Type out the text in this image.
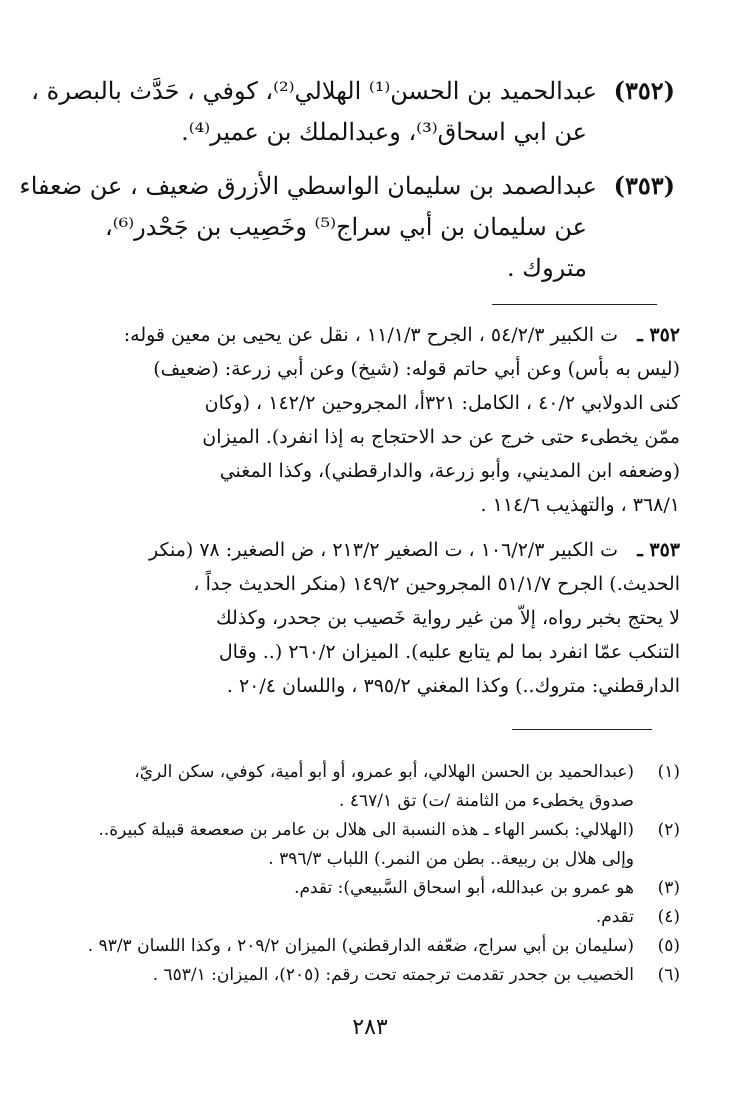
(٣٥٢)عبدالحميد بن الحسن⁽¹⁾ الهلالي⁽²⁾، كوفي ، حَدَّث بالبصرة ،
عن ابي اسحاق⁽³⁾، وعبدالملك بن عمير⁽⁴⁾.
(٣٥٣)عبدالصمد بن سليمان الواسطي الأزرق ضعيف ، عن ضعفاء
عن سليمان بن أبي سراج⁽⁵⁾ وخَصِيب بن جَحْدر⁽⁶⁾،
متروك .
٣٥٢ ـت الكبير ٥٤/٢/٣ ، الجرح ١١/١/٣ ، نقل عن يحيى بن معين قوله:
(ليس به بأس) وعن أبي حاتم قوله: (شيخ) وعن أبي زرعة: (ضعيف)
كنى الدولابي ٤٠/٢ ، الكامل: ٣٢١أ، المجروحين ١٤٢/٢ ، (وكان
ممّن يخطىء حتى خرج عن حد الاحتجاج به إذا انفرد). الميزان
(وضعفه ابن المديني، وأبو زرعة، والدارقطني)، وكذا المغني
٣٦٨/١ ، والتهذيب ١١٤/٦ .
٣٥٣ ـت الكبير ١٠٦/٢/٣ ، ت الصغير ٢١٣/٢ ، ض الصغير: ٧٨ (منكر
الحديث.) الجرح ٥١/١/٧ المجروحين ١٤٩/٢ (منكر الحديث جداً ،
لا يحتج بخبر رواه، إلاّ من غير رواية خَصيب بن جحدر، وكذلك
التنكب عمّا انفرد بما لم يتابع عليه). الميزان ٢٦٠/٢ (.. وقال
الدارقطني: متروك..) وكذا المغني ٣٩٥/٢ ، واللسان ٢٠/٤ .
(١)(عبدالحميد بن الحسن الهلالي، أبو عمرو، أو أبو أمية، كوفي، سكن الريّ،
صدوق يخطىء من الثامنة /ت) تق ٤٦٧/١ .
(٢)(الهلالي: بكسر الهاء ـ هذه النسبة الى هلال بن عامر بن صعصعة قبيلة كبيرة..
وإلى هلال بن ربيعة.. بطن من النمر.) اللباب ٣٩٦/٣ .
(٣)هو عمرو بن عبدالله، أبو اسحاق السَّبيعي): تقدم.
(٤)تقدم.
(٥)(سليمان بن أبي سراج، ضعّفه الدارقطني) الميزان ٢٠٩/٢ ، وكذا اللسان ٩٣/٣ .
(٦)الخصيب بن جحدر تقدمت ترجمته تحت رقم: (٢٠٥)، الميزان: ٦٥٣/١ .
٢٨٣
